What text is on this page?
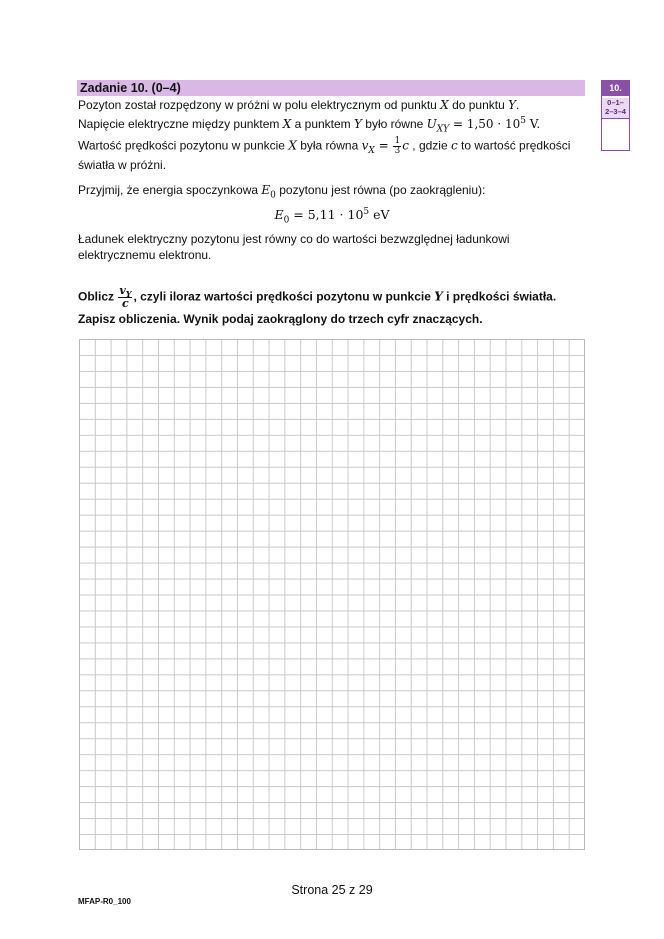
Zadanie 10. (0–4)	10.
0–1–
2–3–4
Pozyton został rozpędzony w próżni w polu elektrycznym od punktu X do punktu Y.
Napięcie elektryczne między punktem X a punktem Y było równe $U_{XY} = 1,50 \cdot 10^5$ V.
Wartość prędkości pozytonu w punkcie X była równa $v_X = \frac{1}{3}$ c , gdzie c to wartość prędkości
światła w próżni.
Przyjmij, że energia spoczynkowa $E_0$ pozytonu jest równa (po zaokrągleniu):
$E_0 = 5,11 \cdot 10^5$ eV
Ładunek elektryczny pozytonu jest równy co do wartości bezwzględnej ładunkowi
elektrycznemu elektronu.
Oblicz $\frac{v_Y}{c}$ , czyli iloraz wartości prędkości pozytonu w punkcie Y i prędkości światła.
Zapisz obliczenia. Wynik podaj zaokrąglony do trzech cyfr znaczących.
Strona 25 z 29
MFAP-R0_100
